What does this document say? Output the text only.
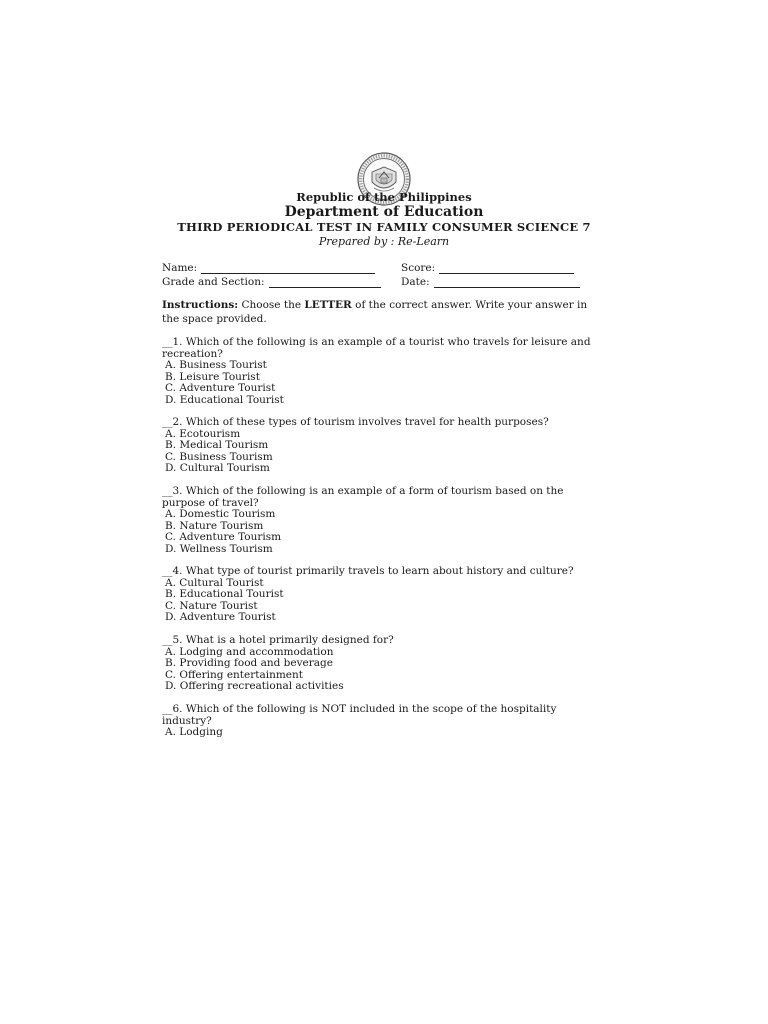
Republic of the Philippines
Department of Education
THIRD PERIODICAL TEST IN FAMILY CONSUMER SCIENCE 7
Prepared by : Re-Learn
Name:
Grade and Section:
Score:
Date:
Instructions: Choose the LETTER of the correct answer. Write your answer in the space provided.

__1. Which of the following is an example of a tourist who travels for leisure and recreation?

A. Business Tourist

B. Leisure Tourist

C. Adventure Tourist

D. Educational Tourist

__2. Which of these types of tourism involves travel for health purposes?

A. Ecotourism

B. Medical Tourism

C. Business Tourism

D. Cultural Tourism

__3. Which of the following is an example of a form of tourism based on the purpose of travel?

A. Domestic Tourism

B. Nature Tourism

C. Adventure Tourism

D. Wellness Tourism

__4. What type of tourist primarily travels to learn about history and culture?

A. Cultural Tourist

B. Educational Tourist

C. Nature Tourist

D. Adventure Tourist

__5. What is a hotel primarily designed for?

A. Lodging and accommodation

B. Providing food and beverage

C. Offering entertainment

D. Offering recreational activities

__6. Which of the following is NOT included in the scope of the hospitality industry?

A. Lodging
